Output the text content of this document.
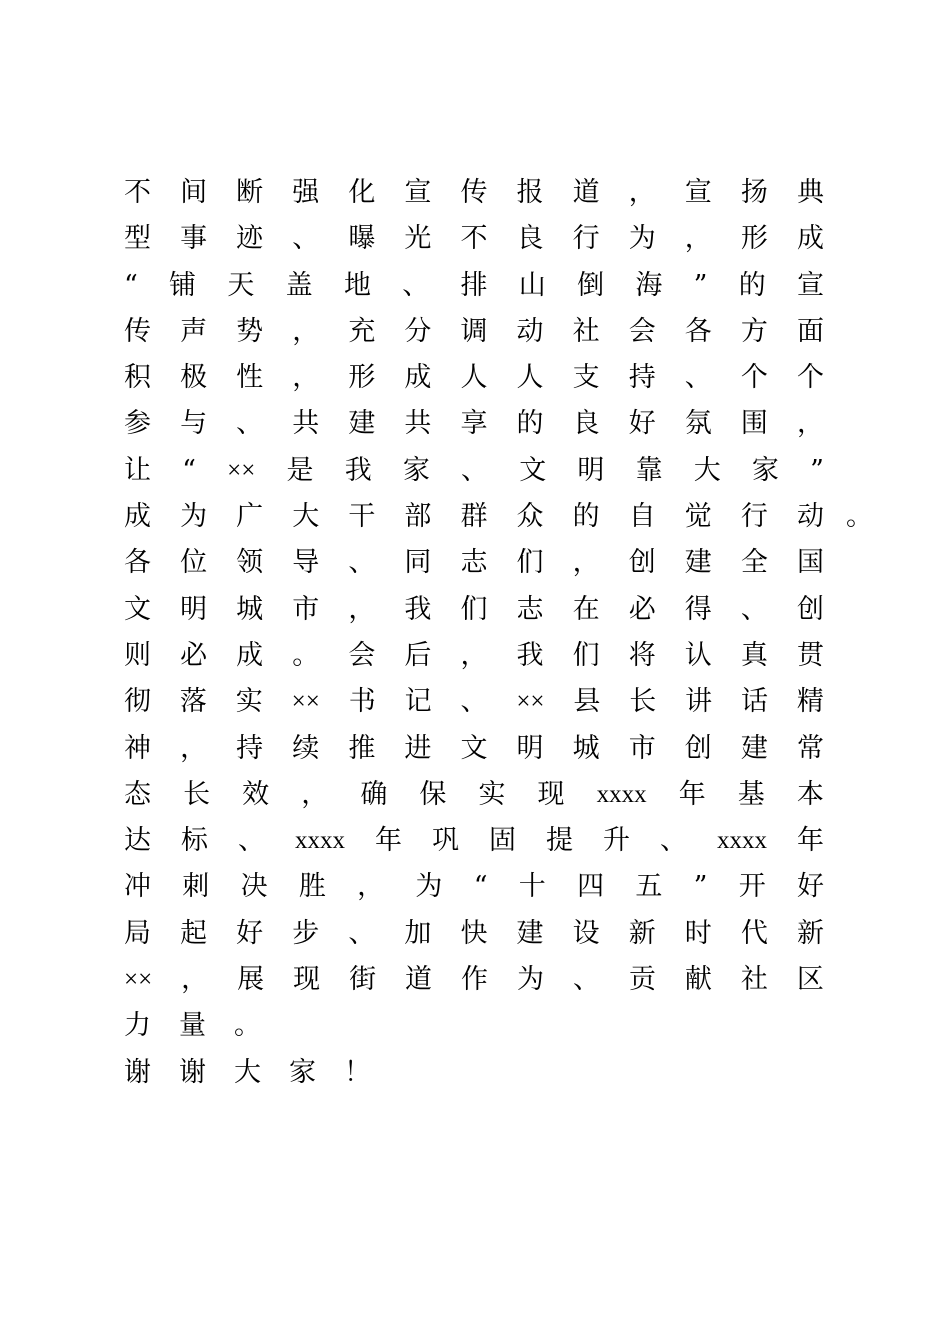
不 间 断 强 化 宣 传 报 道 ， 宣 扬 典
型 事 迹 、 曝 光 不 良 行 为 ， 形 成
“ 铺 天 盖 地 、 排 山 倒 海 ” 的 宣
传 声 势 ， 充 分 调 动 社 会 各 方 面
积 极 性 ， 形 成 人 人 支 持 、 个 个
参 与 、 共 建 共 享 的 良 好 氛 围 ，
让 “ ×× 是 我 家 、 文 明 靠 大 家 ”
成 为 广 大 干 部 群 众 的 自 觉 行 动 。
各 位 领 导 、 同 志 们 ， 创 建 全 国
文 明 城 市 ， 我 们 志 在 必 得 、 创
则 必 成 。 会 后 ， 我 们 将 认 真 贯
彻 落 实 ×× 书 记 、 ×× 县 长 讲 话 精
神 ， 持 续 推 进 文 明 城 市 创 建 常
态 长 效 ， 确 保 实 现 xxxx 年 基 本
达 标 、 xxxx 年 巩 固 提 升 、 xxxx 年
冲 刺 决 胜 ， 为 “ 十 四 五 ” 开 好
局 起 好 步 、 加 快 建 设 新 时 代 新
×× ， 展 现 街 道 作 为 、 贡 献 社 区
力 量 。
谢 谢 大 家 ！
